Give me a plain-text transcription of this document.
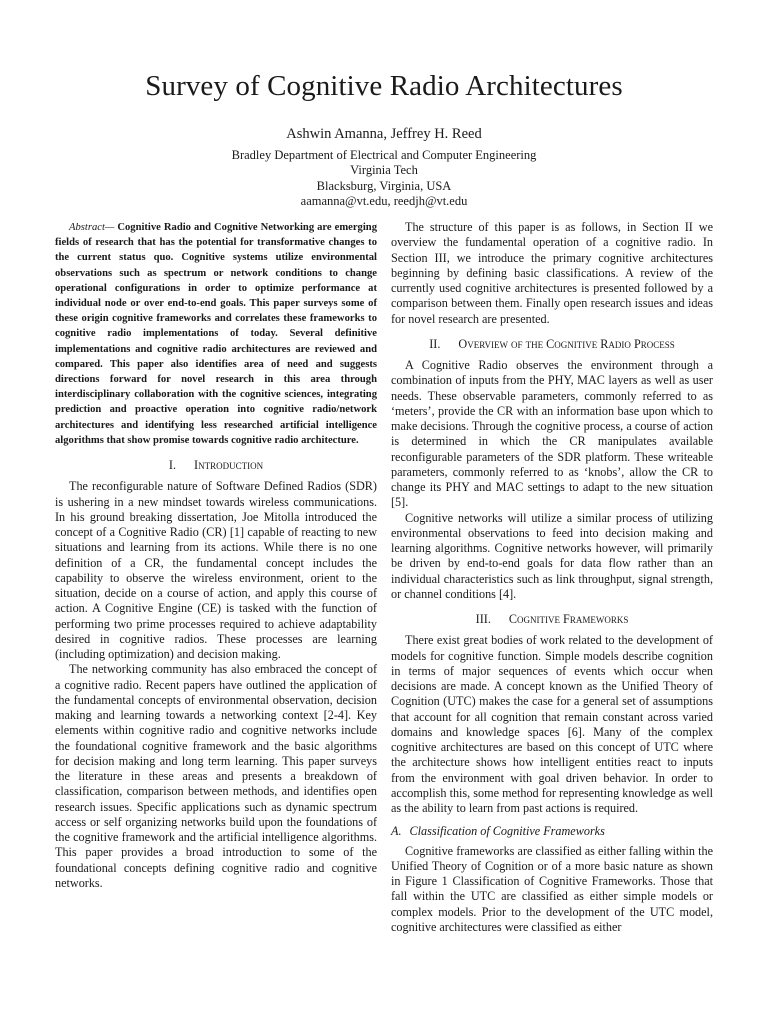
Survey of Cognitive Radio Architectures
Ashwin Amanna, Jeffrey H. Reed
Bradley Department of Electrical and Computer Engineering
Virginia Tech
Blacksburg, Virginia, USA
aamanna@vt.edu, reedjh@vt.edu

Abstract— Cognitive Radio and Cognitive Networking are emerging fields of research that has the potential for transformative changes to the current status quo. Cognitive systems utilize environmental observations such as spectrum or network conditions to change operational configurations in order to optimize performance at individual node or over end-to-end goals. This paper surveys some of these origin cognitive frameworks and correlates these frameworks to cognitive radio implementations of today. Several definitive implementations and cognitive radio architectures are reviewed and compared. This paper also identifies area of need and suggests directions forward for novel research in this area through interdisciplinary collaboration with the cognitive sciences, integrating prediction and proactive operation into cognitive radio/network architectures and identifying less researched artificial intelligence algorithms that show promise towards cognitive radio architecture.

I. Introduction

The reconfigurable nature of Software Defined Radios (SDR) is ushering in a new mindset towards wireless communications. In his ground breaking dissertation, Joe Mitolla introduced the concept of a Cognitive Radio (CR) [1] capable of reacting to new situations and learning from its actions. While there is no one definition of a CR, the fundamental concept includes the capability to observe the wireless environment, orient to the situation, decide on a course of action, and apply this course of action. A Cognitive Engine (CE) is tasked with the function of performing two prime processes required to achieve adaptability desired in cognitive radios. These processes are learning (including optimization) and decision making.

The networking community has also embraced the concept of a cognitive radio. Recent papers have outlined the application of the fundamental concepts of environmental observation, decision making and learning towards a networking context [2-4]. Key elements within cognitive radio and cognitive networks include the foundational cognitive framework and the basic algorithms for decision making and long term learning. This paper surveys the literature in these areas and presents a breakdown of classification, comparison between methods, and identifies open research issues. Specific applications such as dynamic spectrum access or self organizing networks build upon the foundations of the cognitive framework and the artificial intelligence algorithms. This paper provides a broad introduction to some of the foundational concepts defining cognitive radio and cognitive networks.

The structure of this paper is as follows, in Section II we overview the fundamental operation of a cognitive radio. In Section III, we introduce the primary cognitive architectures beginning by defining basic classifications. A review of the currently used cognitive architectures is presented followed by a comparison between them. Finally open research issues and ideas for novel research are presented.

II. Overview of the Cognitive Radio Process

A Cognitive Radio observes the environment through a combination of inputs from the PHY, MAC layers as well as user needs. These observable parameters, commonly referred to as ‘meters’, provide the CR with an information base upon which to make decisions. Through the cognitive process, a course of action is determined in which the CR manipulates available reconfigurable parameters of the SDR platform. These writeable parameters, commonly referred to as ‘knobs’, allow the CR to change its PHY and MAC settings to adapt to the new situation [5].

Cognitive networks will utilize a similar process of utilizing environmental observations to feed into decision making and learning algorithms. Cognitive networks however, will primarily be driven by end-to-end goals for data flow rather than an individual characteristics such as link throughput, signal strength, or channel conditions [4].

III. Cognitive Frameworks

There exist great bodies of work related to the development of models for cognitive function. Simple models describe cognition in terms of major sequences of events which occur when decisions are made. A concept known as the Unified Theory of Cognition (UTC) makes the case for a general set of assumptions that account for all cognition that remain constant across varied domains and knowledge spaces [6]. Many of the complex cognitive architectures are based on this concept of UTC where the architecture shows how intelligent entities react to inputs from the environment with goal driven behavior. In order to accomplish this, some method for representing knowledge as well as the ability to learn from past actions is required.

A. Classification of Cognitive Frameworks

Cognitive frameworks are classified as either falling within the Unified Theory of Cognition or of a more basic nature as shown in Figure 1 Classification of Cognitive Frameworks. Those that fall within the UTC are classified as either simple models or complex models. Prior to the development of the UTC model, cognitive architectures were classified as either
